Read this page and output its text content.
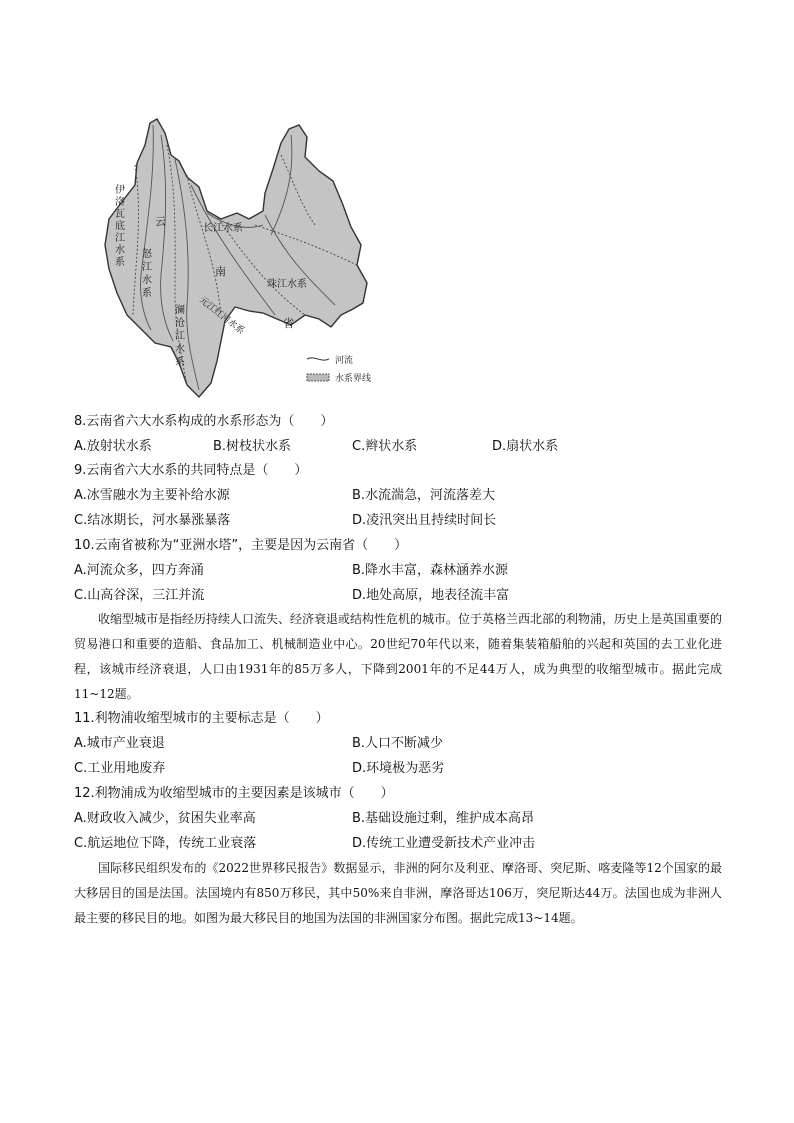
伊 洛 瓦 底 江 水 系
怒 江 水 系
澜 沧 江 水 系
云
南
省
长江水系
珠江水系
元江红河水系
河流
水系界线
8.云南省六大水系构成的水系形态为（　　）
A.放射状水系	B.树枝状水系	C.辫状水系	D.扇状水系
9.云南省六大水系的共同特点是（　　）
A.冰雪融水为主要补给水源	B.水流湍急，河流落差大
C.结冰期长，河水暴涨暴落	D.凌汛突出且持续时间长
10.云南省被称为“亚洲水塔”，主要是因为云南省（　　）
A.河流众多，四方奔涌	B.降水丰富，森林涵养水源
C.山高谷深，三江并流	D.地处高原，地表径流丰富
收缩型城市是指经历持续人口流失、经济衰退或结构性危机的城市。位于英格兰西北部的利物浦，历史上是英国重要的贸易港口和重要的造船、食品加工、机械制造业中心。20世纪70年代以来，随着集装箱船舶的兴起和英国的去工业化进程，该城市经济衰退，人口由1931年的85万多人，下降到2001年的不足44万人，成为典型的收缩型城市。据此完成11~12题。
11.利物浦收缩型城市的主要标志是（　　）
A.城市产业衰退	B.人口不断减少
C.工业用地废弃	D.环境极为恶劣
12.利物浦成为收缩型城市的主要因素是该城市（　　）
A.财政收入减少，贫困失业率高	B.基础设施过剩，维护成本高昂
C.航运地位下降，传统工业衰落	D.传统工业遭受新技术产业冲击
国际移民组织发布的《2022世界移民报告》数据显示，非洲的阿尔及利亚、摩洛哥、突尼斯、喀麦隆等12个国家的最大移居目的国是法国。法国境内有850万移民，其中50%来自非洲，摩洛哥达106万，突尼斯达44万。法国也成为非洲人最主要的移民目的地。如图为最大移民目的地国为法国的非洲国家分布图。据此完成13~14题。
